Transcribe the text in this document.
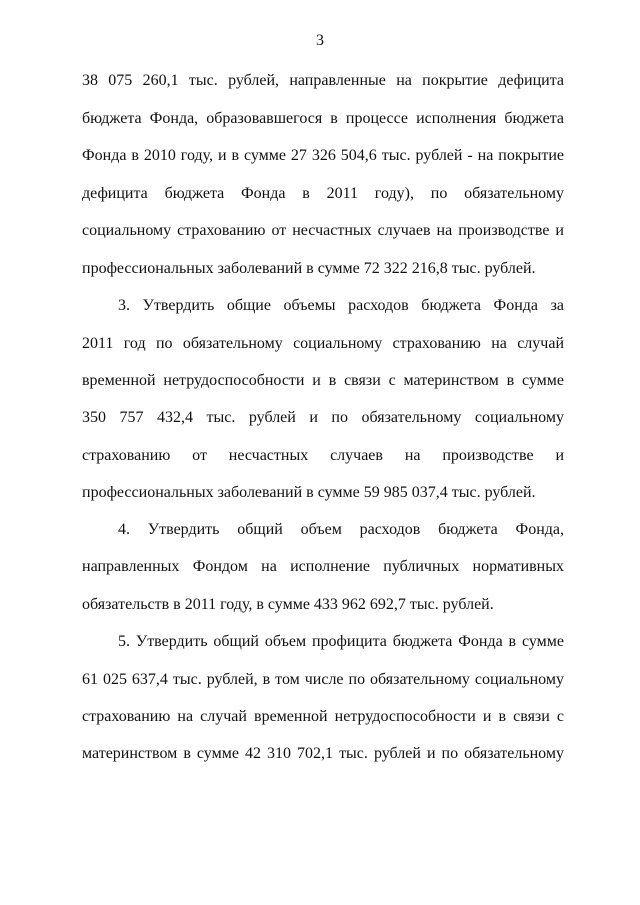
3
38 075 260,1 тыс. рублей, направленные на покрытие дефицита
бюджета Фонда, образовавшегося в процессе исполнения бюджета
Фонда в 2010 году, и в сумме 27 326 504,6 тыс. рублей - на покрытие
дефицита бюджета Фонда в 2011 году), по обязательному
социальному страхованию от несчастных случаев на производстве и
профессиональных заболеваний в сумме 72 322 216,8 тыс. рублей.
3. Утвердить общие объемы расходов бюджета Фонда за
2011 год по обязательному социальному страхованию на случай
временной нетрудоспособности и в связи с материнством в сумме
350 757 432,4 тыс. рублей и по обязательному социальному
страхованию от несчастных случаев на производстве и
профессиональных заболеваний в сумме 59 985 037,4 тыс. рублей.
4. Утвердить общий объем расходов бюджета Фонда,
направленных Фондом на исполнение публичных нормативных
обязательств в 2011 году, в сумме 433 962 692,7 тыс. рублей.
5. Утвердить общий объем профицита бюджета Фонда в сумме
61 025 637,4 тыс. рублей, в том числе по обязательному социальному
страхованию на случай временной нетрудоспособности и в связи с
материнством в сумме 42 310 702,1 тыс. рублей и по обязательному
